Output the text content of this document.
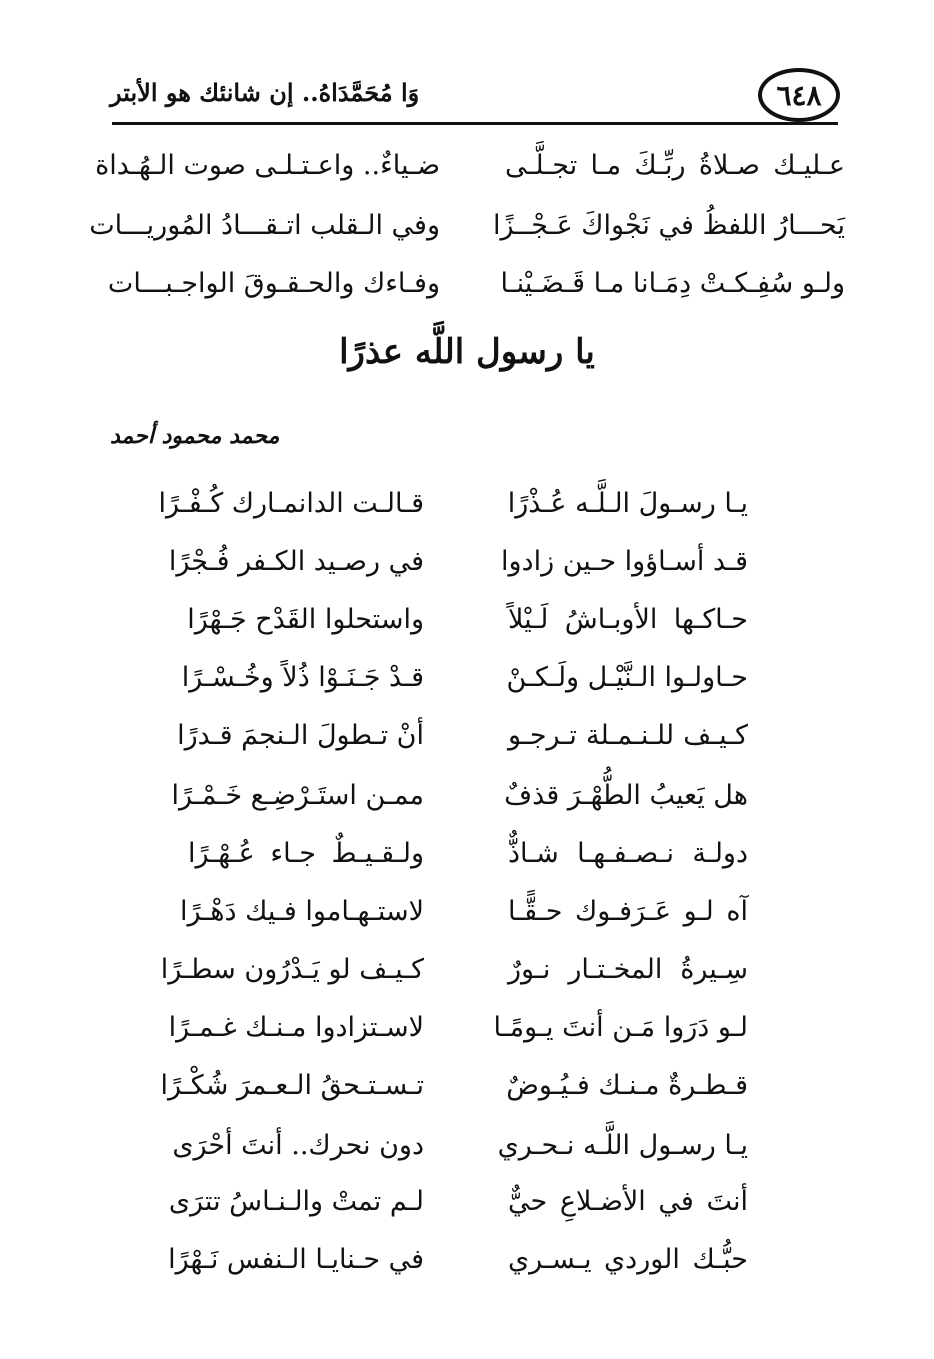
٦٤٨
وَا مُحَمَّدَاهُ.. إن شانئك هو الأبتر
عـليـك صـلاةُ ربِّـكَ مـا تجـلَّـى
ضـياءٌ.. واعـتـلـى صوت الـهُـداة
يَحـــارُ اللفظُ في نَجْواكَ عَـجْــزًا
وفي الـقلب اتـقـــادُ المُوريـــات
ولـو سُفِـكـتْ دِمَـانا مـا قَـضَـيْنـا
وفـاءك والحـقـوقَ الواجـبـــات
يا رسول اللَّه عذرًا
محمد محمود أحمد
يـا رسـولَ الـلَّـه عُـذْرًا
قـالـت الدانمـارك كُـفْـرًا
قـد أسـاؤوا حـين زادوا
في رصـيد الكـفر فُـجْرًا
حـاكـها الأوبـاشُ لَـيْلاً
واستحلوا القَدْح جَـهْرًا
حـاولـوا الـنَّيْـل ولَـكـنْ
قـدْ جَـنَـوْا ذُلاً وخُـسْـرًا
كـيـف للـنـمـلة تـرجـو
أنْ تـطولَ الـنجمَ قـدرًا
هل يَعيبُ الطُّهْـرَ قذفٌ
ممـن استَـرْضِـع خَـمْـرًا
دولـة نـصـفـهـا شـاذٌّ
ولـقـيـطٌ جـاء عُـهْـرًا
آه لـو عَـرَفـوك حـقًّـا
لاستـهـاموا فـيك دَهْـرًا
سِـيرةُ المخـتـار نـورٌ
كـيـف لو يَـدْرُون سطـرًا
لـو دَرَوا مَـن أنتَ يـومًـا
لاسـتزادوا مـنـك غـمـرًا
قـطـرةٌ مـنـك فـيُـوضٌ
تـسـتـحقُ الـعـمرَ شُكْـرًا
يـا رسـول اللَّـه نـحـري
دون نحرك.. أنتَ أحْرَى
أنتَ في الأضـلاعِ حيٌّ
لـم تمتْ والـنـاسُ تترَى
حبُّـك الوردي يـسـري
في حـنايـا الـنفس نَـهْرًا
